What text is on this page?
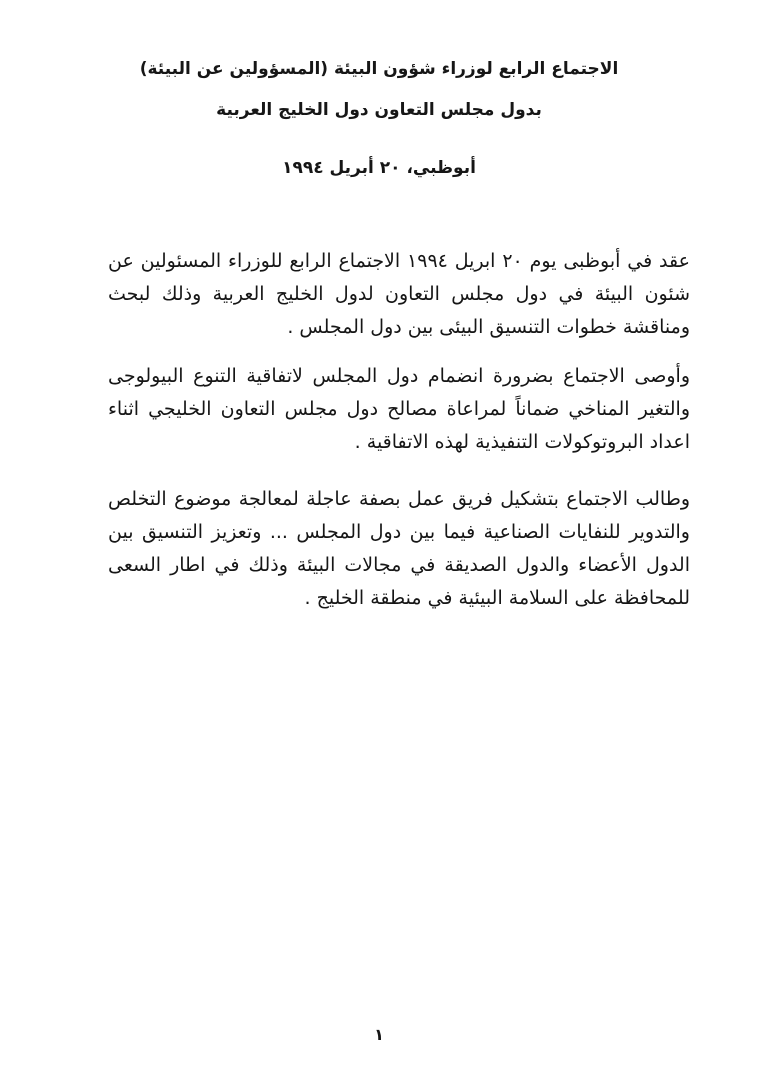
الاجتماع الرابع لوزراء شؤون البيئة (المسؤولين عن البيئة)
بدول مجلس التعاون دول الخليج العربية
أبوظبي، ٢٠ أبريل ١٩٩٤

عقد في أبوظبى يوم ٢٠ ابريل ١٩٩٤ الاجتماع الرابع للوزراء المسئولين عن شئون البيئة في دول مجلس التعاون لدول الخليج العربية وذلك لبحث ومناقشة خطوات التنسيق البيئى بين دول المجلس .

وأوصى الاجتماع بضرورة انضمام دول المجلس لاتفاقية التنوع البيولوجى والتغير المناخي ضماناً لمراعاة مصالح دول مجلس التعاون الخليجي اثناء اعداد البروتوكولات التنفيذية لهذه الاتفاقية .

وطالب الاجتماع بتشكيل فريق عمل بصفة عاجلة لمعالجة موضوع التخلص والتدوير للنفايات الصناعية فيما بين دول المجلس ... وتعزيز التنسيق بين الدول الأعضاء والدول الصديقة في مجالات البيئة وذلك في اطار السعى للمحافظة على السلامة البيئية في منطقة الخليج .

١
